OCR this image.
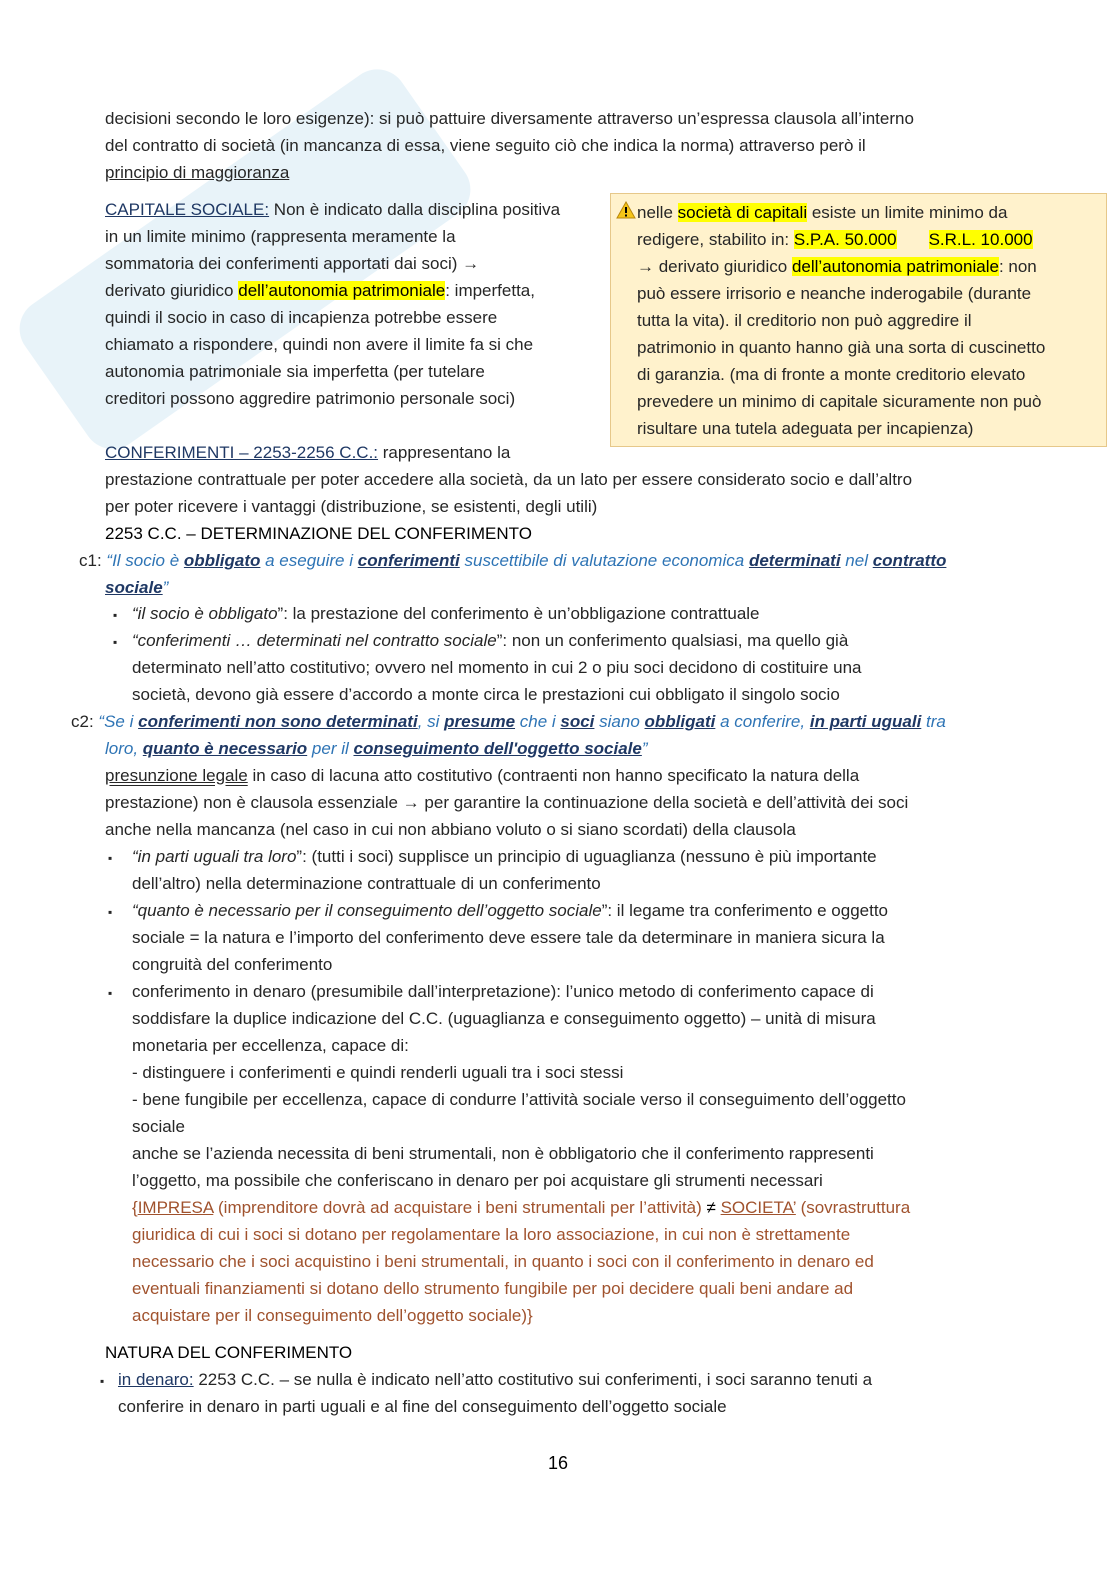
decisioni secondo le loro esigenze): si può pattuire diversamente attraverso un’espressa clausola all’interno
del contratto di società (in mancanza di essa, viene seguito ciò che indica la norma) attraverso però il
principio di maggioranza
CAPITALE SOCIALE: Non è indicato dalla disciplina positiva
in un limite minimo (rappresenta meramente la
sommatoria dei conferimenti apportati dai soci) →
derivato giuridico dell’autonomia patrimoniale: imperfetta,
quindi il socio in caso di incapienza potrebbe essere
chiamato a rispondere, quindi non avere il limite fa si che
autonomia patrimoniale sia imperfetta (per tutelare
creditori possono aggredire patrimonio personale soci)
nelle società di capitali esiste un limite minimo da
redigere, stabilito in: S.P.A. 50.000 S.R.L. 10.000
→ derivato giuridico dell’autonomia patrimoniale: non
può essere irrisorio e neanche inderogabile (durante
tutta la vita). il creditorio non può aggredire il
patrimonio in quanto hanno già una sorta di cuscinetto
di garanzia. (ma di fronte a monte creditorio elevato
prevedere un minimo di capitale sicuramente non può
risultare una tutela adeguata per incapienza)
CONFERIMENTI – 2253-2256 C.C.: rappresentano la
prestazione contrattuale per poter accedere alla società, da un lato per essere considerato socio e dall’altro
per poter ricevere i vantaggi (distribuzione, se esistenti, degli utili)
2253 C.C. – DETERMINAZIONE DEL CONFERIMENTO
c1: “Il socio è obbligato a eseguire i conferimenti suscettibile di valutazione economica determinati nel contratto
sociale”
▪ “il socio è obbligato”: la prestazione del conferimento è un’obbligazione contrattuale
▪ “conferimenti … determinati nel contratto sociale”: non un conferimento qualsiasi, ma quello già
determinato nell’atto costitutivo; ovvero nel momento in cui 2 o piu soci decidono di costituire una
società, devono già essere d’accordo a monte circa le prestazioni cui obbligato il singolo socio
c2: “Se i conferimenti non sono determinati, si presume che i soci siano obbligati a conferire, in parti uguali tra
loro, quanto è necessario per il conseguimento dell'oggetto sociale”
presunzione legale in caso di lacuna atto costitutivo (contraenti non hanno specificato la natura della
prestazione) non è clausola essenziale → per garantire la continuazione della società e dell’attività dei soci
anche nella mancanza (nel caso in cui non abbiano voluto o si siano scordati) della clausola
▪ “in parti uguali tra loro”: (tutti i soci) supplisce un principio di uguaglianza (nessuno è più importante
dell’altro) nella determinazione contrattuale di un conferimento
▪ “quanto è necessario per il conseguimento dell’oggetto sociale”: il legame tra conferimento e oggetto
sociale = la natura e l’importo del conferimento deve essere tale da determinare in maniera sicura la
congruità del conferimento
▪ conferimento in denaro (presumibile dall’interpretazione): l’unico metodo di conferimento capace di
soddisfare la duplice indicazione del C.C. (uguaglianza e conseguimento oggetto) – unità di misura
monetaria per eccellenza, capace di:
- distinguere i conferimenti e quindi renderli uguali tra i soci stessi
- bene fungibile per eccellenza, capace di condurre l’attività sociale verso il conseguimento dell’oggetto
sociale
anche se l’azienda necessita di beni strumentali, non è obbligatorio che il conferimento rappresenti
l’oggetto, ma possibile che conferiscano in denaro per poi acquistare gli strumenti necessari
{IMPRESA (imprenditore dovrà ad acquistare i beni strumentali per l’attività) ≠ SOCIETA’ (sovrastruttura
giuridica di cui i soci si dotano per regolamentare la loro associazione, in cui non è strettamente
necessario che i soci acquistino i beni strumentali, in quanto i soci con il conferimento in denaro ed
eventuali finanziamenti si dotano dello strumento fungibile per poi decidere quali beni andare ad
acquistare per il conseguimento dell’oggetto sociale)}
NATURA DEL CONFERIMENTO
▪ in denaro: 2253 C.C. – se nulla è indicato nell’atto costitutivo sui conferimenti, i soci saranno tenuti a
conferire in denaro in parti uguali e al fine del conseguimento dell’oggetto sociale
16
